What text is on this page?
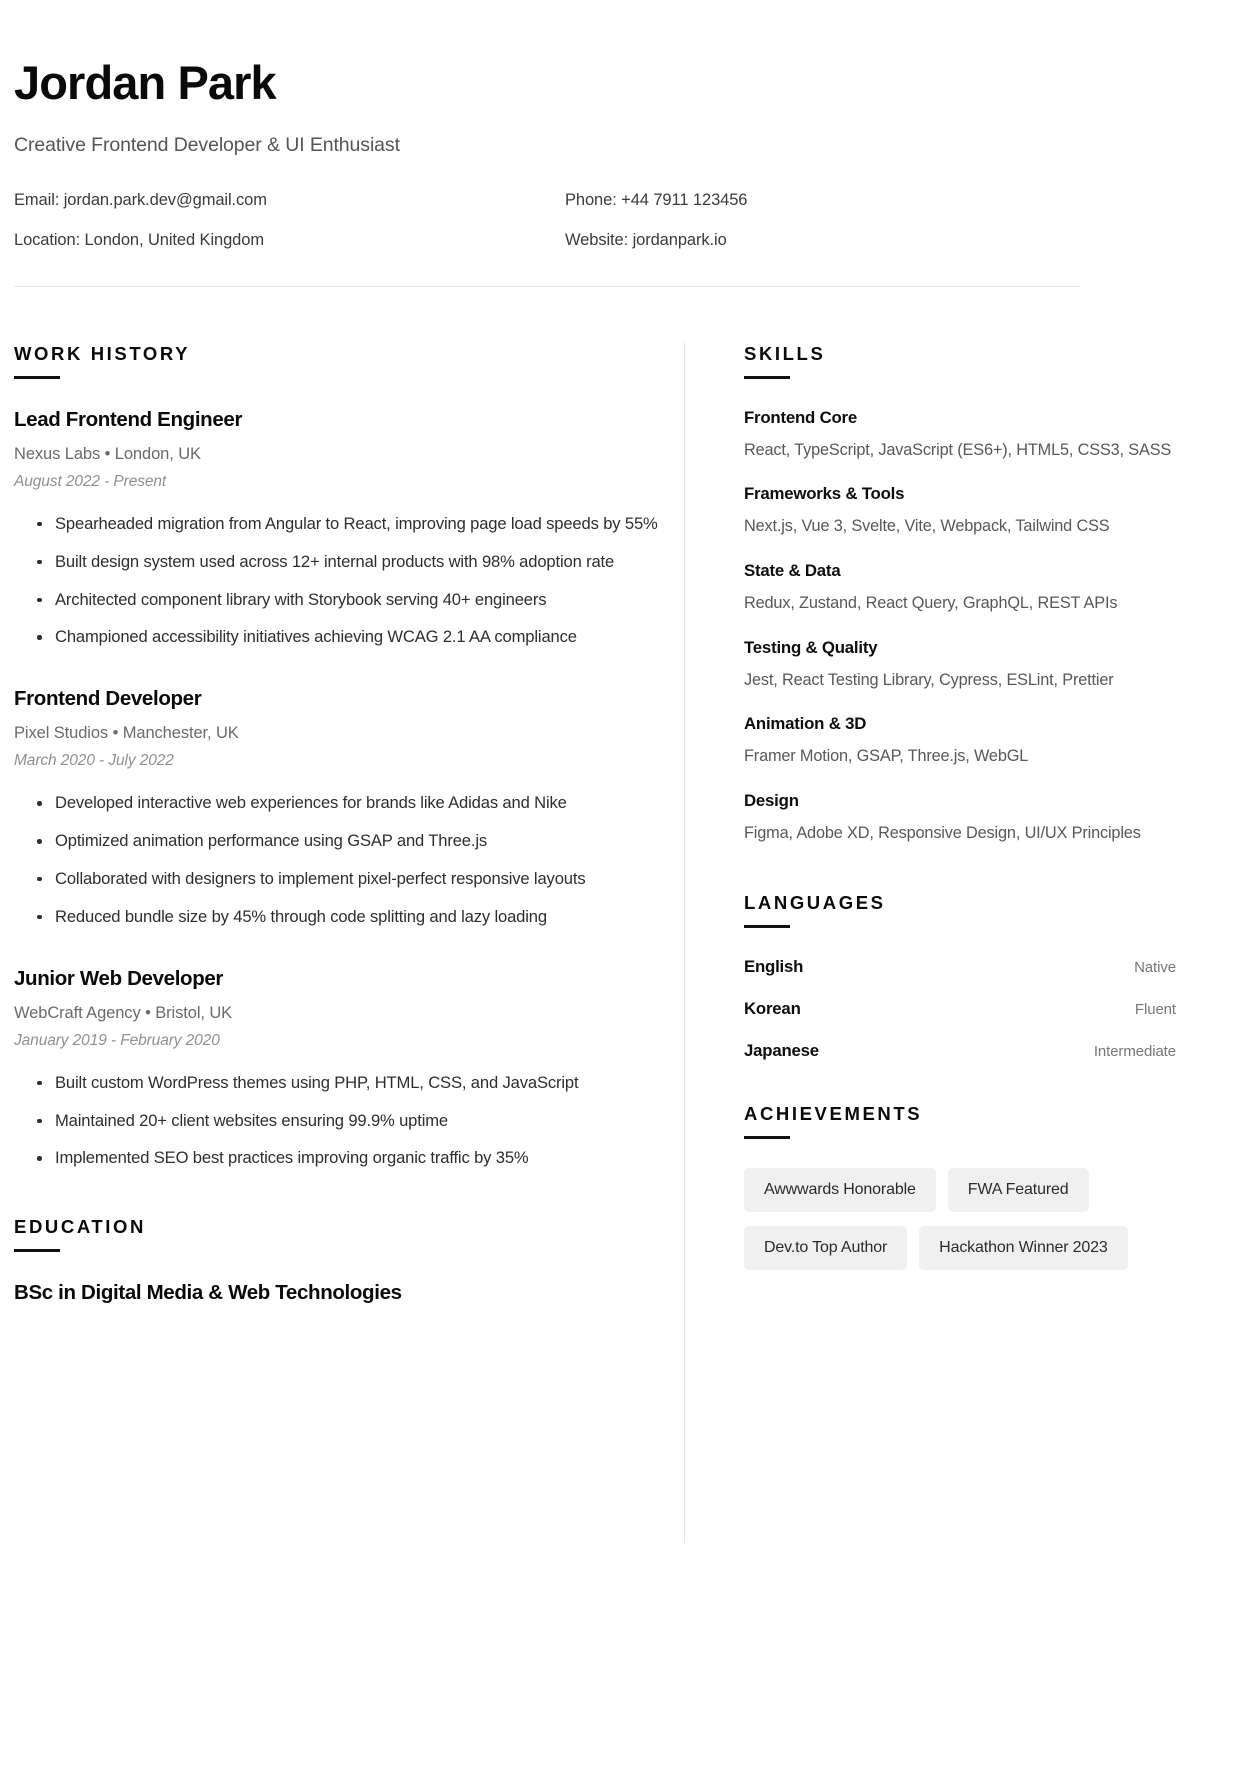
Jordan Park
Creative Frontend Developer & UI Enthusiast
Email: jordan.park.dev@gmail.com	Phone: +44 7911 123456
Location: London, United Kingdom	Website: jordanpark.io
WORK HISTORY
Lead Frontend Engineer
Nexus Labs • London, UK
August 2022 - Present
Spearheaded migration from Angular to React, improving page load speeds by 55%
Built design system used across 12+ internal products with 98% adoption rate
Architected component library with Storybook serving 40+ engineers
Championed accessibility initiatives achieving WCAG 2.1 AA compliance
Frontend Developer
Pixel Studios • Manchester, UK
March 2020 - July 2022
Developed interactive web experiences for brands like Adidas and Nike
Optimized animation performance using GSAP and Three.js
Collaborated with designers to implement pixel-perfect responsive layouts
Reduced bundle size by 45% through code splitting and lazy loading
Junior Web Developer
WebCraft Agency • Bristol, UK
January 2019 - February 2020
Built custom WordPress themes using PHP, HTML, CSS, and JavaScript
Maintained 20+ client websites ensuring 99.9% uptime
Implemented SEO best practices improving organic traffic by 35%
EDUCATION
BSc in Digital Media & Web Technologies
SKILLS
Frontend Core
React, TypeScript, JavaScript (ES6+), HTML5, CSS3, SASS
Frameworks & Tools
Next.js, Vue 3, Svelte, Vite, Webpack, Tailwind CSS
State & Data
Redux, Zustand, React Query, GraphQL, REST APIs
Testing & Quality
Jest, React Testing Library, Cypress, ESLint, Prettier
Animation & 3D
Framer Motion, GSAP, Three.js, WebGL
Design
Figma, Adobe XD, Responsive Design, UI/UX Principles
LANGUAGES
English	Native
Korean	Fluent
Japanese	Intermediate
ACHIEVEMENTS
Awwwards Honorable	FWA Featured
Dev.to Top Author	Hackathon Winner 2023
